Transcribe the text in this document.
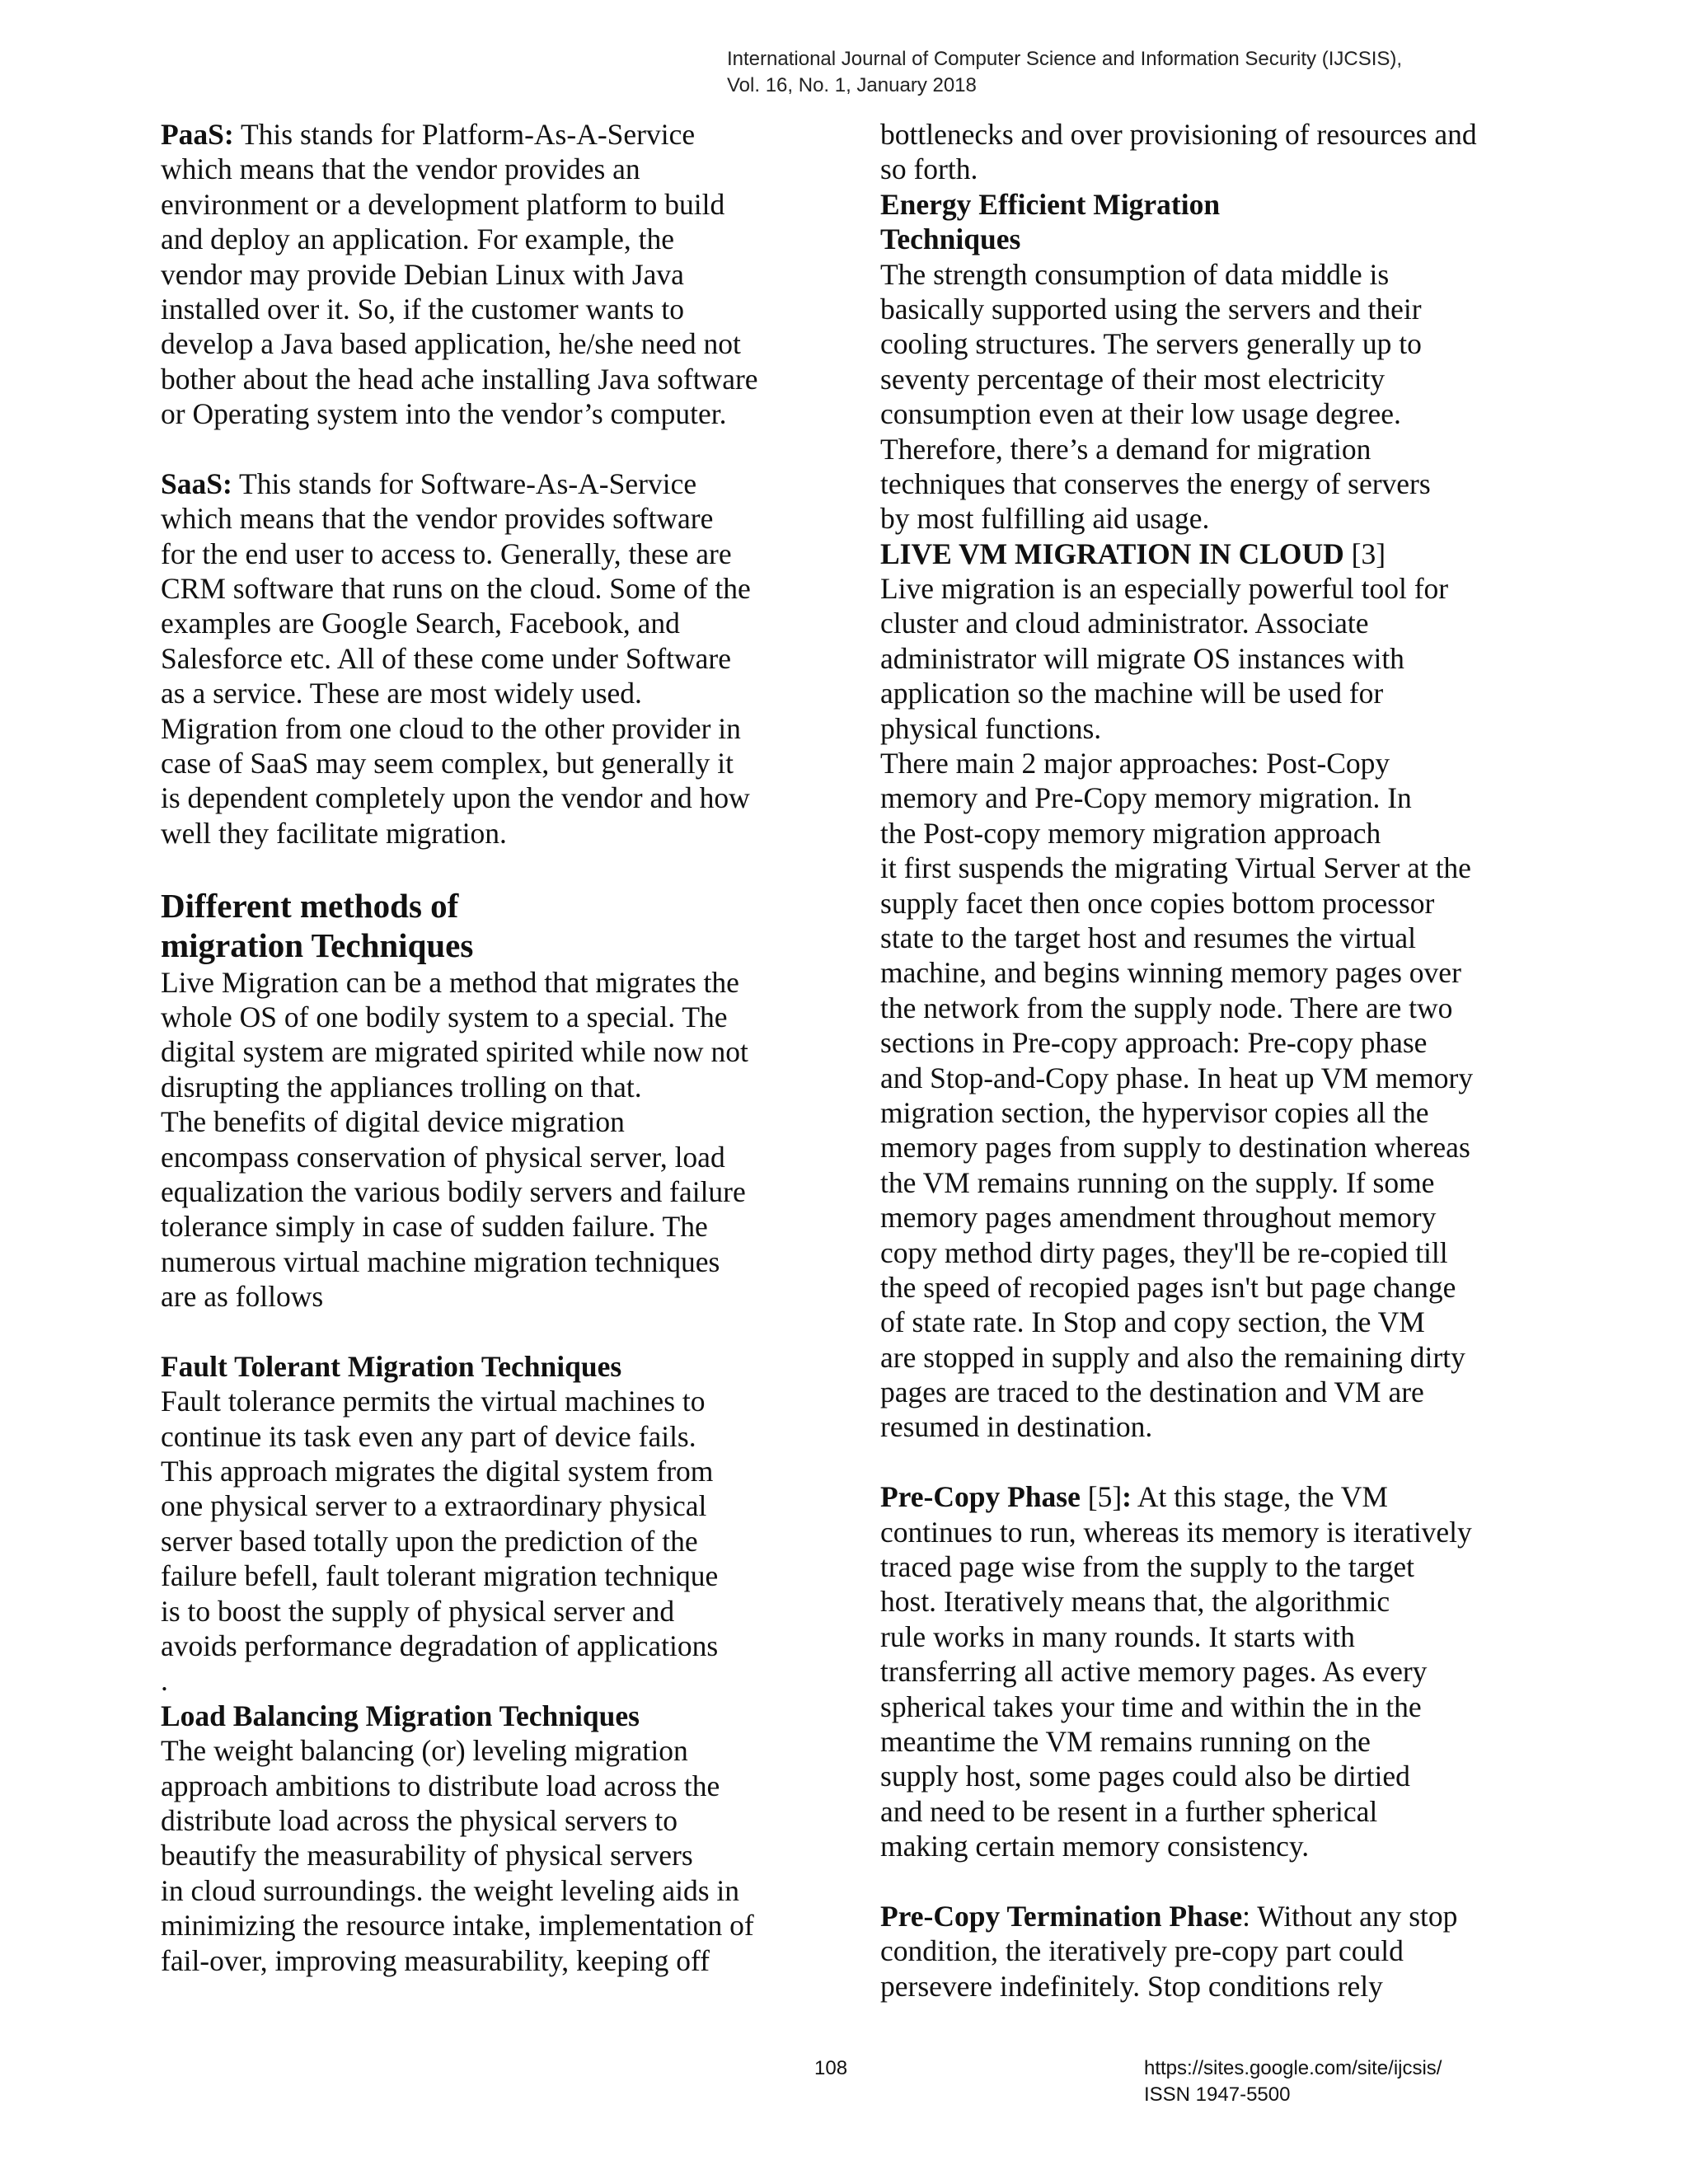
International Journal of Computer Science and Information Security (IJCSIS),
Vol. 16, No. 1, January 2018
PaaS: This stands for Platform-As-A-Service
which means that the vendor provides an
environment or a development platform to build
and deploy an application. For example, the
vendor may provide Debian Linux with Java
installed over it. So, if the customer wants to
develop a Java based application, he/she need not
bother about the head ache installing Java software
or Operating system into the vendor’s computer.
SaaS: This stands for Software-As-A-Service
which means that the vendor provides software
for the end user to access to. Generally, these are
CRM software that runs on the cloud. Some of the
examples are Google Search, Facebook, and
Salesforce etc. All of these come under Software
as a service. These are most widely used.
Migration from one cloud to the other provider in
case of SaaS may seem complex, but generally it
is dependent completely upon the vendor and how
well they facilitate migration.
Different methods of
migration Techniques
Live Migration can be a method that migrates the
whole OS of one bodily system to a special. The
digital system are migrated spirited while now not
disrupting the appliances trolling on that.
The benefits of digital device migration
encompass conservation of physical server, load
equalization the various bodily servers and failure
tolerance simply in case of sudden failure. The
numerous virtual machine migration techniques
are as follows
Fault Tolerant Migration Techniques
Fault tolerance permits the virtual machines to
continue its task even any part of device fails.
This approach migrates the digital system from
one physical server to a extraordinary physical
server based totally upon the prediction of the
failure befell, fault tolerant migration technique
is to boost the supply of physical server and
avoids performance degradation of applications
.
Load Balancing Migration Techniques
The weight balancing (or) leveling migration
approach ambitions to distribute load across the
distribute load across the physical servers to
beautify the measurability of physical servers
in cloud surroundings. the weight leveling aids in
minimizing the resource intake, implementation of
fail-over, improving measurability, keeping off
bottlenecks and over provisioning of resources and
so forth.
Energy Efficient Migration
Techniques
The strength consumption of data middle is
basically supported using the servers and their
cooling structures. The servers generally up to
seventy percentage of their most electricity
consumption even at their low usage degree.
Therefore, there’s a demand for migration
techniques that conserves the energy of servers
by most fulfilling aid usage.
LIVE VM MIGRATION IN CLOUD [3]
Live migration is an especially powerful tool for
cluster and cloud administrator. Associate
administrator will migrate OS instances with
application so the machine will be used for
physical functions.
There main 2 major approaches: Post-Copy
memory and Pre-Copy memory migration. In
the Post-copy memory migration approach
it first suspends the migrating Virtual Server at the
supply facet then once copies bottom processor
state to the target host and resumes the virtual
machine, and begins winning memory pages over
the network from the supply node. There are two
sections in Pre-copy approach: Pre-copy phase
and Stop-and-Copy phase. In heat up VM memory
migration section, the hypervisor copies all the
memory pages from supply to destination whereas
the VM remains running on the supply. If some
memory pages amendment throughout memory
copy method dirty pages, they'll be re-copied till
the speed of recopied pages isn't but page change
of state rate. In Stop and copy section, the VM
are stopped in supply and also the remaining dirty
pages are traced to the destination and VM are
resumed in destination.
Pre-Copy Phase [5]: At this stage, the VM
continues to run, whereas its memory is iteratively
traced page wise from the supply to the target
host. Iteratively means that, the algorithmic
rule works in many rounds. It starts with
transferring all active memory pages. As every
spherical takes your time and within the in the
meantime the VM remains running on the
supply host, some pages could also be dirtied
and need to be resent in a further spherical
making certain memory consistency.
Pre-Copy Termination Phase: Without any stop
condition, the iteratively pre-copy part could
persevere indefinitely. Stop conditions rely
108	https://sites.google.com/site/ijcsis/
ISSN 1947-5500
